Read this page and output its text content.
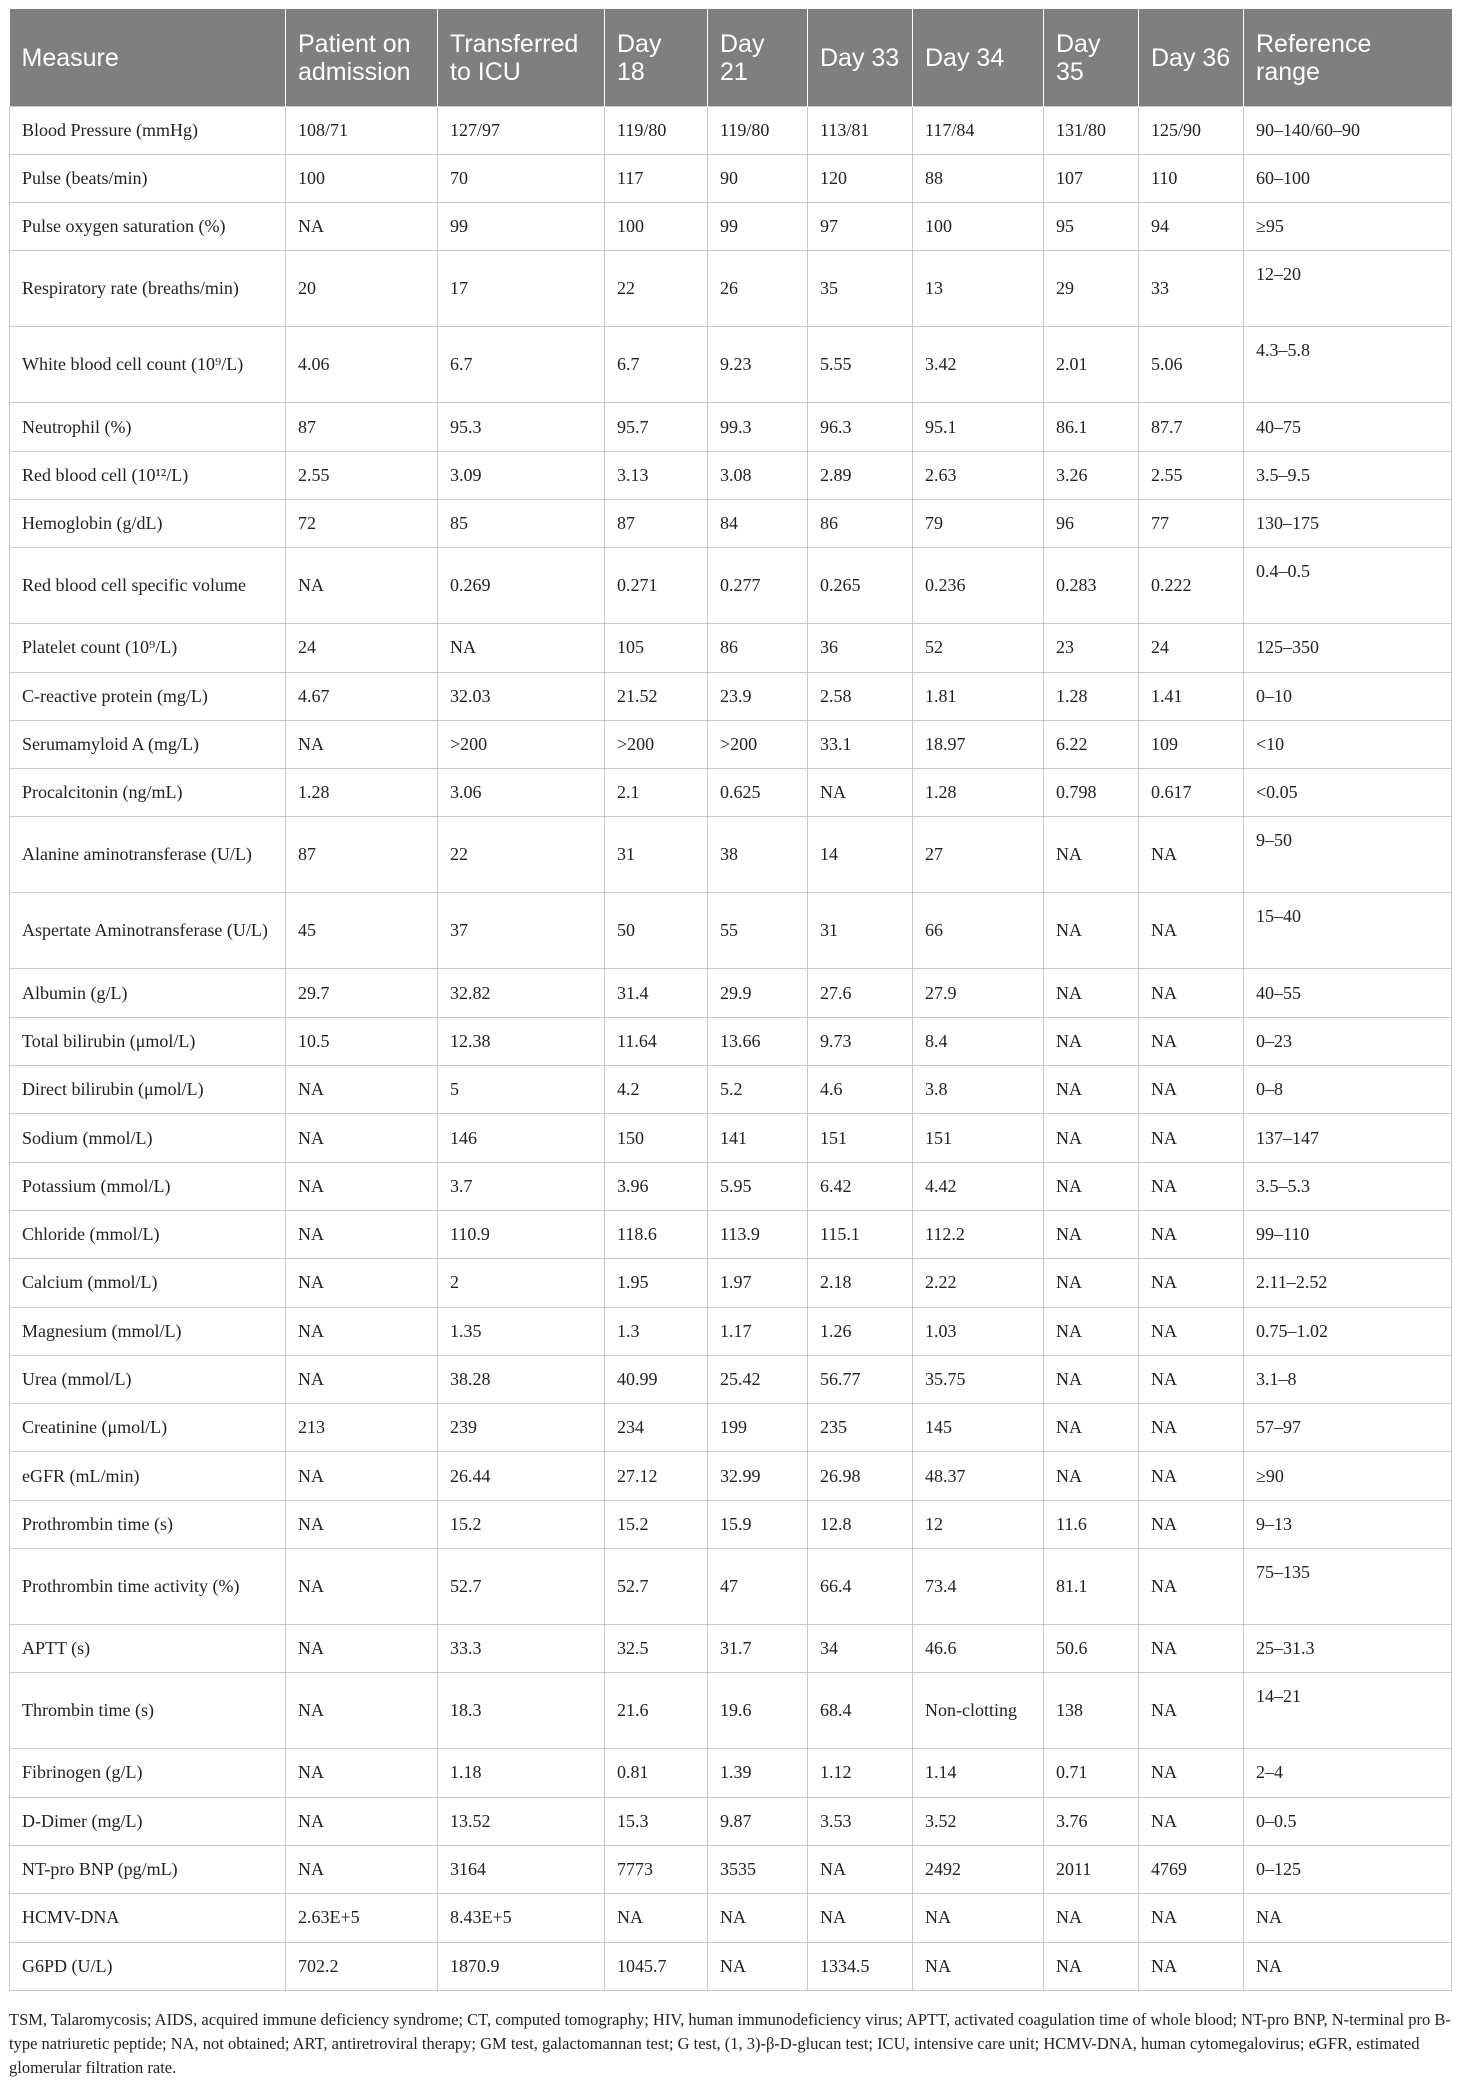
Measure	Patient on admission	Transferred to ICU	Day 18	Day 21	Day 33	Day 34	Day 35	Day 36	Reference range
Blood Pressure (mmHg)	108/71	127/97	119/80	119/80	113/81	117/84	131/80	125/90	90–140/60–90
Pulse (beats/min)	100	70	117	90	120	88	107	110	60–100
Pulse oxygen saturation (%)	NA	99	100	99	97	100	95	94	≥95
Respiratory rate (breaths/min)	20	17	22	26	35	13	29	33	12–20
White blood cell count (10⁹/L)	4.06	6.7	6.7	9.23	5.55	3.42	2.01	5.06	4.3–5.8
Neutrophil (%)	87	95.3	95.7	99.3	96.3	95.1	86.1	87.7	40–75
Red blood cell (10¹²/L)	2.55	3.09	3.13	3.08	2.89	2.63	3.26	2.55	3.5–9.5
Hemoglobin (g/dL)	72	85	87	84	86	79	96	77	130–175
Red blood cell specific volume	NA	0.269	0.271	0.277	0.265	0.236	0.283	0.222	0.4–0.5
Platelet count (10⁹/L)	24	NA	105	86	36	52	23	24	125–350
C-reactive protein (mg/L)	4.67	32.03	21.52	23.9	2.58	1.81	1.28	1.41	0–10
Serumamyloid A (mg/L)	NA	>200	>200	>200	33.1	18.97	6.22	109	<10
Procalcitonin (ng/mL)	1.28	3.06	2.1	0.625	NA	1.28	0.798	0.617	<0.05
Alanine aminotransferase (U/L)	87	22	31	38	14	27	NA	NA	9–50
Aspertate Aminotransferase (U/L)	45	37	50	55	31	66	NA	NA	15–40
Albumin (g/L)	29.7	32.82	31.4	29.9	27.6	27.9	NA	NA	40–55
Total bilirubin (μmol/L)	10.5	12.38	11.64	13.66	9.73	8.4	NA	NA	0–23
Direct bilirubin (μmol/L)	NA	5	4.2	5.2	4.6	3.8	NA	NA	0–8
Sodium (mmol/L)	NA	146	150	141	151	151	NA	NA	137–147
Potassium (mmol/L)	NA	3.7	3.96	5.95	6.42	4.42	NA	NA	3.5–5.3
Chloride (mmol/L)	NA	110.9	118.6	113.9	115.1	112.2	NA	NA	99–110
Calcium (mmol/L)	NA	2	1.95	1.97	2.18	2.22	NA	NA	2.11–2.52
Magnesium (mmol/L)	NA	1.35	1.3	1.17	1.26	1.03	NA	NA	0.75–1.02
Urea (mmol/L)	NA	38.28	40.99	25.42	56.77	35.75	NA	NA	3.1–8
Creatinine (μmol/L)	213	239	234	199	235	145	NA	NA	57–97
eGFR (mL/min)	NA	26.44	27.12	32.99	26.98	48.37	NA	NA	≥90
Prothrombin time (s)	NA	15.2	15.2	15.9	12.8	12	11.6	NA	9–13
Prothrombin time activity (%)	NA	52.7	52.7	47	66.4	73.4	81.1	NA	75–135
APTT (s)	NA	33.3	32.5	31.7	34	46.6	50.6	NA	25–31.3
Thrombin time (s)	NA	18.3	21.6	19.6	68.4	Non-clotting	138	NA	14–21
Fibrinogen (g/L)	NA	1.18	0.81	1.39	1.12	1.14	0.71	NA	2–4
D-Dimer (mg/L)	NA	13.52	15.3	9.87	3.53	3.52	3.76	NA	0–0.5
NT-pro BNP (pg/mL)	NA	3164	7773	3535	NA	2492	2011	4769	0–125
HCMV-DNA	2.63E+5	8.43E+5	NA	NA	NA	NA	NA	NA	NA
G6PD (U/L)	702.2	1870.9	1045.7	NA	1334.5	NA	NA	NA	NA
TSM, Talaromycosis; AIDS, acquired immune deficiency syndrome; CT, computed tomography; HIV, human immunodeficiency virus; APTT, activated coagulation time of whole blood; NT-pro BNP, N-terminal pro B-type natriuretic peptide; NA, not obtained; ART, antiretroviral therapy; GM test, galactomannan test; G test, (1, 3)-β-D-glucan test; ICU, intensive care unit; HCMV-DNA, human cytomegalovirus; eGFR, estimated glomerular filtration rate.
